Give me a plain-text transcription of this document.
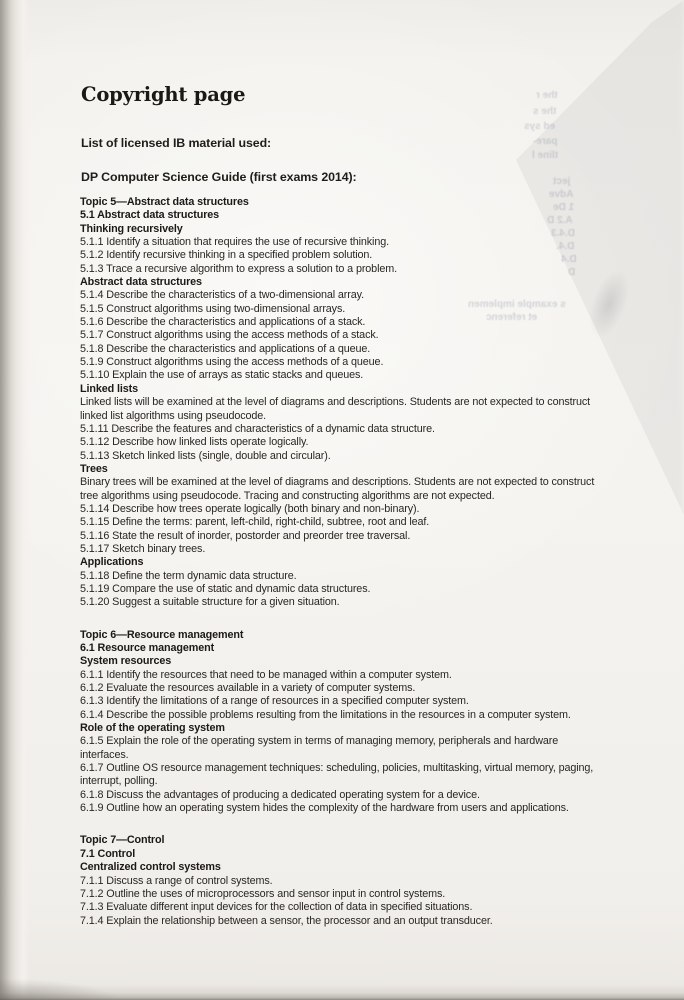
the r
the s
ed sys
pare-
tline l
ject
Adve
1 De
A.2 D
D.4.3
D.4.
D.4
D
s example implemen
et referenc
Copyright page
List of licensed IB material used:
DP Computer Science Guide (first exams 2014):
Topic 5—Abstract data structures
5.1 Abstract data structures
Thinking recursively
5.1.1 Identify a situation that requires the use of recursive thinking.
5.1.2 Identify recursive thinking in a specified problem solution.
5.1.3 Trace a recursive algorithm to express a solution to a problem.
Abstract data structures
5.1.4 Describe the characteristics of a two-dimensional array.
5.1.5 Construct algorithms using two-dimensional arrays.
5.1.6 Describe the characteristics and applications of a stack.
5.1.7 Construct algorithms using the access methods of a stack.
5.1.8 Describe the characteristics and applications of a queue.
5.1.9 Construct algorithms using the access methods of a queue.
5.1.10 Explain the use of arrays as static stacks and queues.
Linked lists
Linked lists will be examined at the level of diagrams and descriptions. Students are not expected to construct
linked list algorithms using pseudocode.
5.1.11 Describe the features and characteristics of a dynamic data structure.
5.1.12 Describe how linked lists operate logically.
5.1.13 Sketch linked lists (single, double and circular).
Trees
Binary trees will be examined at the level of diagrams and descriptions. Students are not expected to construct
tree algorithms using pseudocode. Tracing and constructing algorithms are not expected.
5.1.14 Describe how trees operate logically (both binary and non-binary).
5.1.15 Define the terms: parent, left-child, right-child, subtree, root and leaf.
5.1.16 State the result of inorder, postorder and preorder tree traversal.
5.1.17 Sketch binary trees.
Applications
5.1.18 Define the term dynamic data structure.
5.1.19 Compare the use of static and dynamic data structures.
5.1.20 Suggest a suitable structure for a given situation.

Topic 6—Resource management
6.1 Resource management
System resources
6.1.1 Identify the resources that need to be managed within a computer system.
6.1.2 Evaluate the resources available in a variety of computer systems.
6.1.3 Identify the limitations of a range of resources in a specified computer system.
6.1.4 Describe the possible problems resulting from the limitations in the resources in a computer system.
Role of the operating system
6.1.5 Explain the role of the operating system in terms of managing memory, peripherals and hardware
interfaces.
6.1.7 Outline OS resource management techniques: scheduling, policies, multitasking, virtual memory, paging,
interrupt, polling.
6.1.8 Discuss the advantages of producing a dedicated operating system for a device.
6.1.9 Outline how an operating system hides the complexity of the hardware from users and applications.

Topic 7—Control
7.1 Control
Centralized control systems
7.1.1 Discuss a range of control systems.
7.1.2 Outline the uses of microprocessors and sensor input in control systems.
7.1.3 Evaluate different input devices for the collection of data in specified situations.
7.1.4 Explain the relationship between a sensor, the processor and an output transducer.
